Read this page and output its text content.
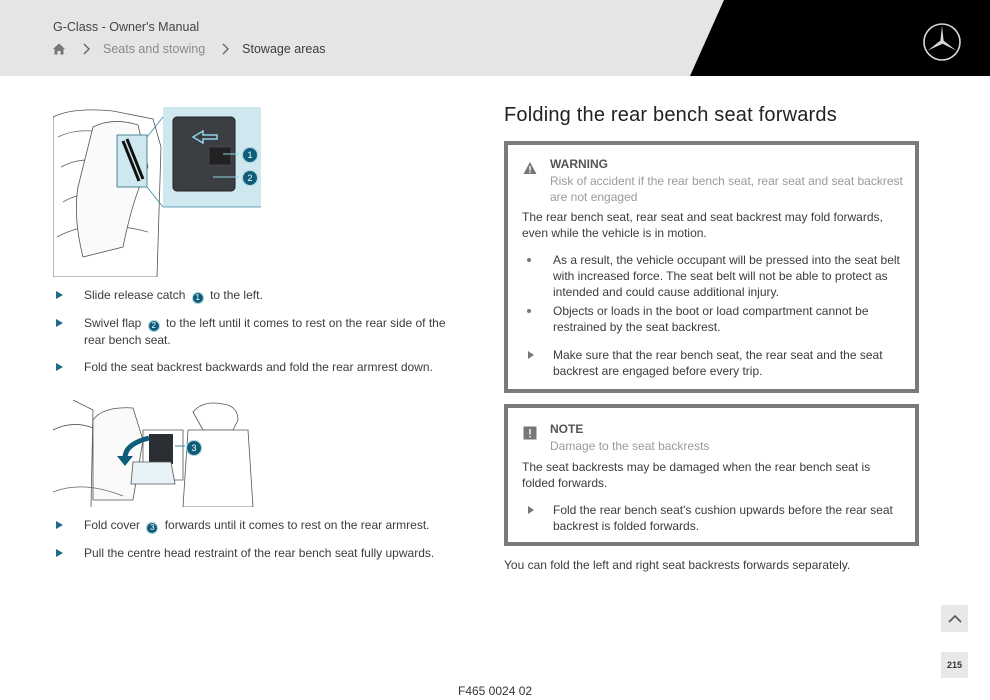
G-Class - Owner's Manual
Seats and stowing	Stowage areas
1
2
Slide release catch 1 to the left.
Swivel flap 2 to the left until it comes to rest on the rear side of the rear bench seat.
Fold the seat backrest backwards and fold the rear armrest down.
3
Fold cover 3 forwards until it comes to rest on the rear armrest.
Pull the centre head restraint of the rear bench seat fully upwards.
Folding the rear bench seat forwards
WARNING
Risk of accident if the rear bench seat, rear seat and seat backrest are not engaged
The rear bench seat, rear seat and seat backrest may fold forwards, even while the vehicle is in motion.
As a result, the vehicle occupant will be pressed into the seat belt with increased force. The seat belt will not be able to protect as intended and could cause additional injury.
Objects or loads in the boot or load compartment cannot be restrained by the seat backrest.
Make sure that the rear bench seat, the rear seat and the seat backrest are engaged before every trip.
NOTE
Damage to the seat backrests
The seat backrests may be damaged when the rear bench seat is folded forwards.
Fold the rear bench seat's cushion upwards before the rear seat backrest is folded forwards.
You can fold the left and right seat backrests forwards separately.
215
F465 0024 02
